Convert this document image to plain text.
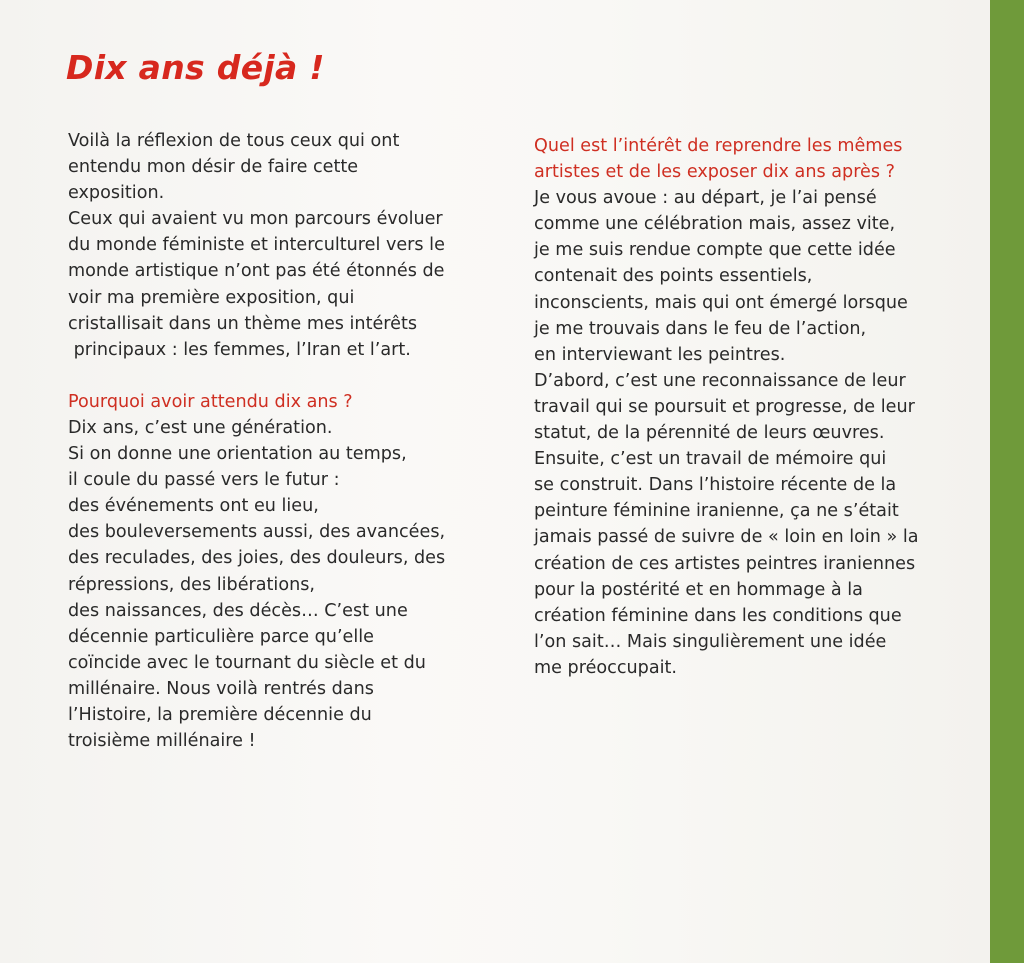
Dix ans déjà !
Voilà la réflexion de tous ceux qui ont
entendu mon désir de faire cette
exposition.
Ceux qui avaient vu mon parcours évoluer
du monde féministe et interculturel vers le
monde artistique n’ont pas été étonnés de
voir ma première exposition, qui
cristallisait dans un thème mes intérêts
principaux : les femmes, l’Iran et l’art.
Pourquoi avoir attendu dix ans ?
Dix ans, c’est une génération.
Si on donne une orientation au temps,
il coule du passé vers le futur :
des événements ont eu lieu,
des bouleversements aussi, des avancées,
des reculades, des joies, des douleurs, des
répressions, des libérations,
des naissances, des décès… C’est une
décennie particulière parce qu’elle
coïncide avec le tournant du siècle et du
millénaire. Nous voilà rentrés dans
l’Histoire, la première décennie du
troisième millénaire !
Quel est l’intérêt de reprendre les mêmes
artistes et de les exposer dix ans après ?
Je vous avoue : au départ, je l’ai pensé
comme une célébration mais, assez vite,
je me suis rendue compte que cette idée
contenait des points essentiels,
inconscients, mais qui ont émergé lorsque
je me trouvais dans le feu de l’action,
en interviewant les peintres.
D’abord, c’est une reconnaissance de leur
travail qui se poursuit et progresse, de leur
statut, de la pérennité de leurs œuvres.
Ensuite, c’est un travail de mémoire qui
se construit. Dans l’histoire récente de la
peinture féminine iranienne, ça ne s’était
jamais passé de suivre de « loin en loin » la
création de ces artistes peintres iraniennes
pour la postérité et en hommage à la
création féminine dans les conditions que
l’on sait… Mais singulièrement une idée
me préoccupait.
